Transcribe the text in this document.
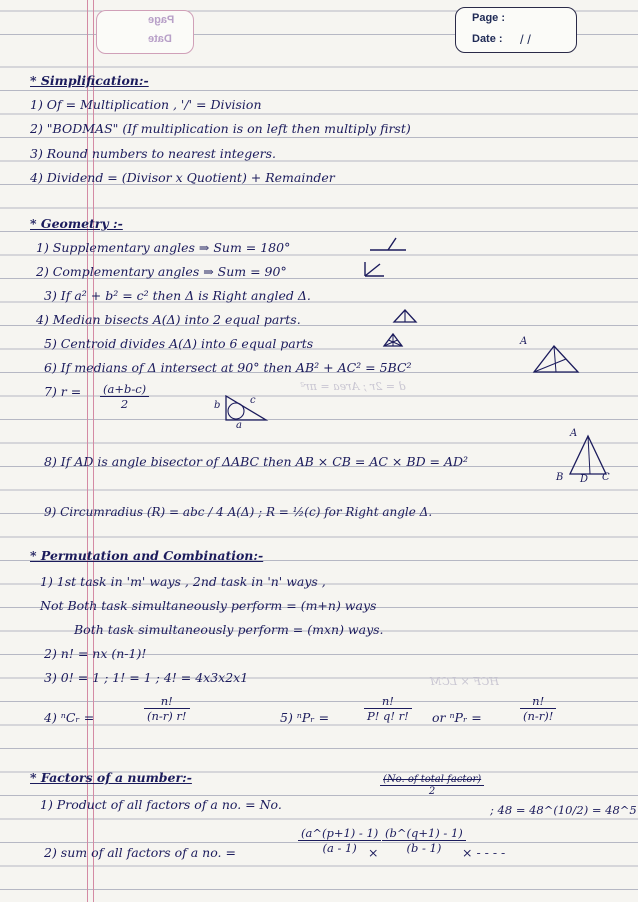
Page
Date
Page :
Date : / /
d = 2r ; Area = πr²
HCF × LCM
* Simplification:-
1) Of = Multiplication , '/' = Division
2) "BODMAS" (If multiplication is on left then multiply first)
3) Round numbers to nearest integers.
4) Dividend = (Divisor x Quotient) + Remainder
* Geometry :-
1) Supplementary angles ⇒ Sum = 180°
2) Complementary angles ⇒ Sum = 90°
3) If a² + b² = c² then Δ is Right angled Δ.
4) Median bisects A(Δ) into 2 equal parts.
5) Centroid divides A(Δ) into 6 equal parts
6) If medians of Δ intersect at 90° then AB² + AC² = 5BC²
A
7) $r = \frac{(a+b-c)}{2}$	b	c
a
A
B D C
8) If AD is angle bisector of ΔABC then AB × CB = AC × BD = AD²
9) Circumradius (R) = abc / 4 A(Δ) ; R = ½(c) for Right angle Δ.
* Permutation and Combination:-
1) 1st task in 'm' ways , 2nd task in 'n' ways ,
Not Both task simultaneously perform = (m+n) ways
Both task simultaneously perform = (mxn) ways.
2) n! = nx (n-1)!
3) 0! = 1 ; 1! = 1 ; 4! = 4x3x2x1
4) ⁿCᵣ =	$\frac{n!}{(n-r) r!}$	5) ⁿPᵣ =	$\frac{n!}{P! q! r!}$ or ⁿPᵣ =	$\frac{n!}{(n-r)!}$
* Factors of a number:-	(No. of total factor)
2
1) Product of all factors of a no. = No.	; 48 = 48^(10/2) = 48^5
2) sum of all factors of a no. =	$\frac{(a\^{}(p+1) - 1)}{(a - 1)}$
× $\frac{(b\^{}(q+1) - 1)}{(b - 1)}$
× - - - -
